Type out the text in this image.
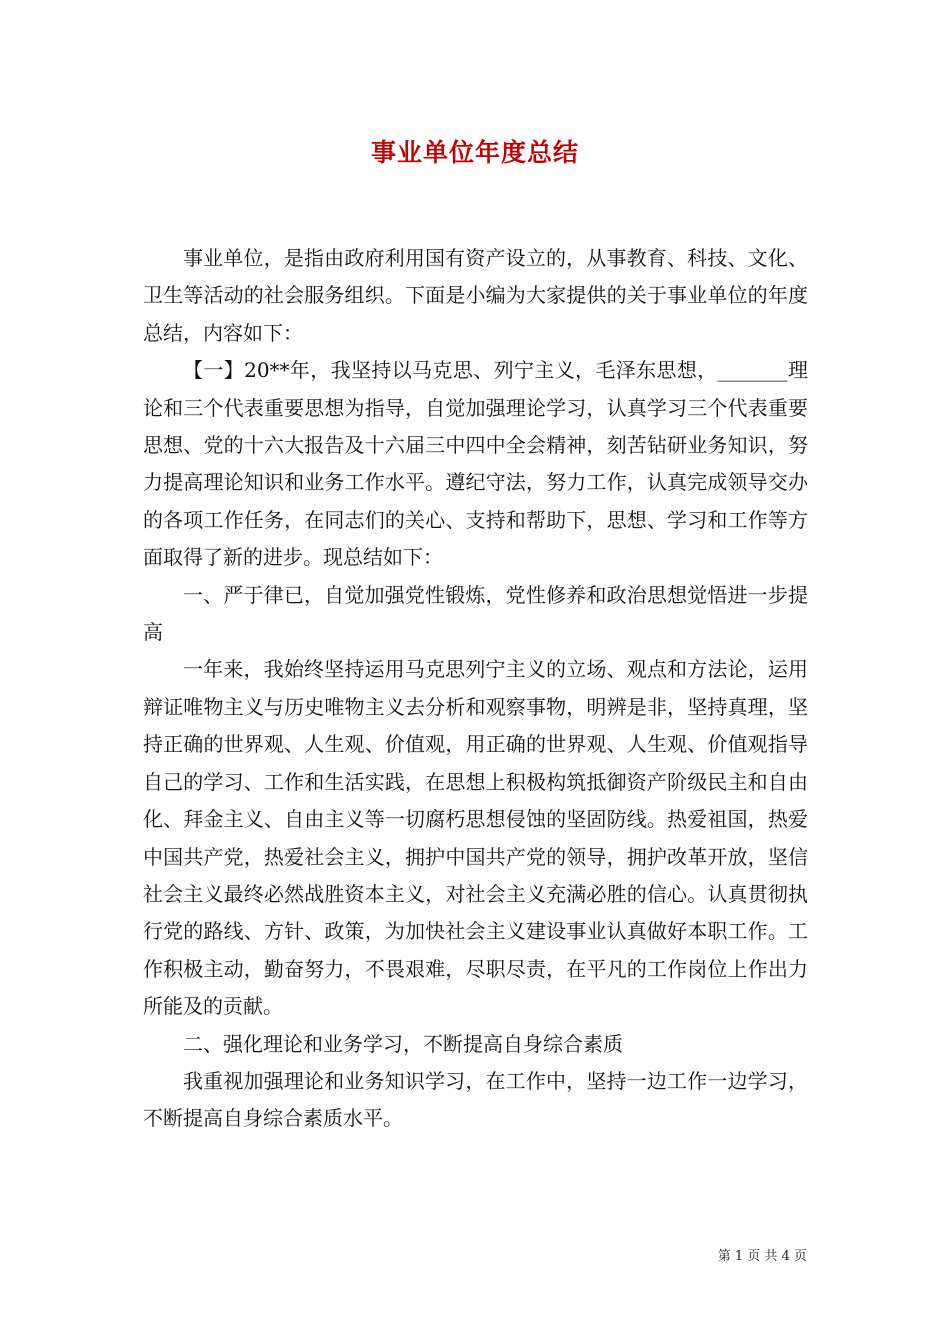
事业单位年度总结

事业单位，是指由政府利用国有资产设立的，从事教育、科技、文化、卫生等活动的社会服务组织。下面是小编为大家提供的关于事业单位的年度总结，内容如下：

【一】20**年，我坚持以马克思、列宁主义，毛泽东思想，_______理论和三个代表重要思想为指导，自觉加强理论学习，认真学习三个代表重要思想、党的十六大报告及十六届三中四中全会精神，刻苦钻研业务知识，努力提高理论知识和业务工作水平。遵纪守法，努力工作，认真完成领导交办的各项工作任务，在同志们的关心、支持和帮助下，思想、学习和工作等方面取得了新的进步。现总结如下：

一、严于律已，自觉加强党性锻炼，党性修养和政治思想觉悟进一步提高

一年来，我始终坚持运用马克思列宁主义的立场、观点和方法论，运用辩证唯物主义与历史唯物主义去分析和观察事物，明辨是非，坚持真理，坚持正确的世界观、人生观、价值观，用正确的世界观、人生观、价值观指导自己的学习、工作和生活实践，在思想上积极构筑抵御资产阶级民主和自由化、拜金主义、自由主义等一切腐朽思想侵蚀的坚固防线。热爱祖国，热爱中国共产党，热爱社会主义，拥护中国共产党的领导，拥护改革开放，坚信社会主义最终必然战胜资本主义，对社会主义充满必胜的信心。认真贯彻执行党的路线、方针、政策，为加快社会主义建设事业认真做好本职工作。工作积极主动，勤奋努力，不畏艰难，尽职尽责，在平凡的工作岗位上作出力所能及的贡献。

二、强化理论和业务学习，不断提高自身综合素质

我重视加强理论和业务知识学习，在工作中，坚持一边工作一边学习，不断提高自身综合素质水平。

第 1 页 共 4 页
